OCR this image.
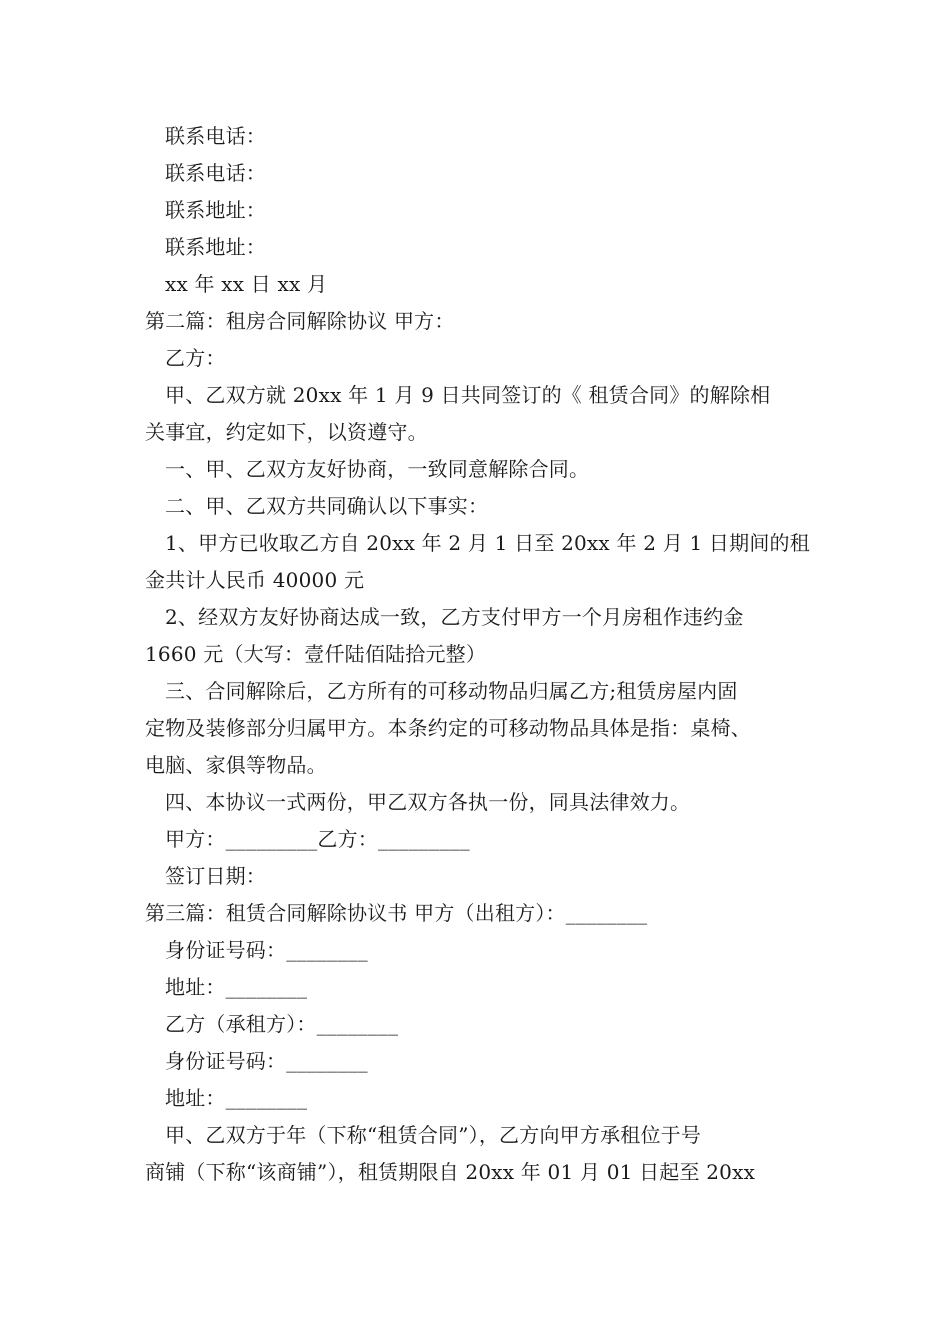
联系电话：
联系电话：
联系地址：
联系地址：
xx 年 xx 日 xx 月
第二篇：租房合同解除协议 甲方：
乙方：
甲、乙双方就 20xx 年 1 月 9 日共同签订的《 租赁合同》的解除相
关事宜，约定如下，以资遵守。
一、甲、乙双方友好协商，一致同意解除合同。
二、甲、乙双方共同确认以下事实：
1、甲方已收取乙方自 20xx 年 2 月 1 日至 20xx 年 2 月 1 日期间的租
金共计人民币 40000 元
2、经双方友好协商达成一致，乙方支付甲方一个月房租作违约金
1660 元（大写：壹仟陆佰陆拾元整）
三、合同解除后，乙方所有的可移动物品归属乙方;租赁房屋内固
定物及装修部分归属甲方。本条约定的可移动物品具体是指：桌椅、
电脑、家俱等物品。
四、本协议一式两份，甲乙双方各执一份，同具法律效力。
甲方：_________乙方：_________
签订日期：
第三篇：租赁合同解除协议书 甲方（出租方）：________
身份证号码：________
地址：________
乙方（承租方）：________
身份证号码：________
地址：________
甲、乙双方于年（下称“租赁合同”），乙方向甲方承租位于号
商铺（下称“该商铺”），租赁期限自 20xx 年 01 月 01 日起至 20xx
